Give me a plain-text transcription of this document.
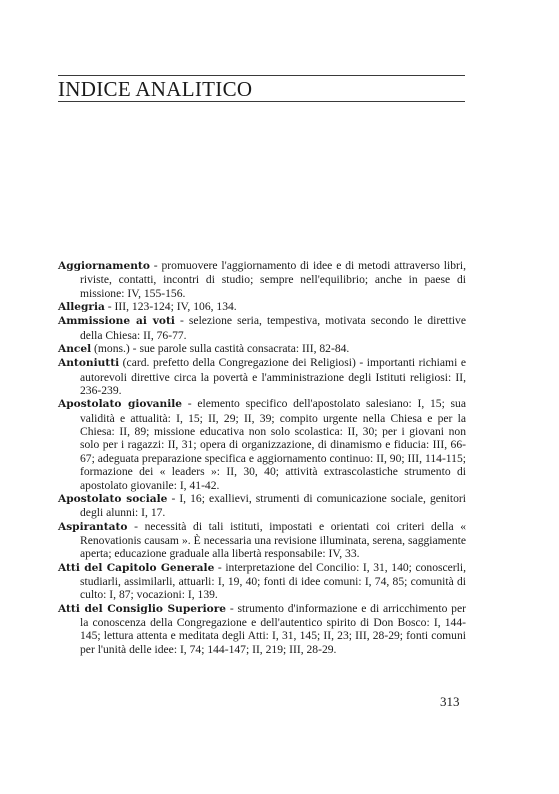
INDICE ANALITICO

Aggiornamento - promuovere l'aggiornamento di idee e di metodi attraverso libri, riviste, contatti, incontri di studio; sempre nell'equilibrio; anche in paese di missione: IV, 155-156.

Allegria - III, 123-124; IV, 106, 134.

Ammissione ai voti - selezione seria, tempestiva, motivata secondo le direttive della Chiesa: II, 76-77.

Ancel (mons.) - sue parole sulla castità consacrata: III, 82-84.

Antoniutti (card. prefetto della Congregazione dei Religiosi) - importanti richiami e autorevoli direttive circa la povertà e l'amministrazione degli Istituti religiosi: II, 236-239.

Apostolato giovanile - elemento specifico dell'apostolato salesiano: I, 15; sua validità e attualità: I, 15; II, 29; II, 39; compito urgente nella Chiesa e per la Chiesa: II, 89; missione educativa non solo scolastica: II, 30; per i giovani non solo per i ragazzi: II, 31; opera di organizzazione, di dinamismo e fiducia: III, 66-67; adeguata preparazione specifica e aggiornamento continuo: II, 90; III, 114-115; formazione dei « leaders »: II, 30, 40; attività extrascolastiche strumento di apostolato giovanile: I, 41-42.

Apostolato sociale - I, 16; exallievi, strumenti di comunicazione sociale, genitori degli alunni: I, 17.

Aspirantato - necessità di tali istituti, impostati e orientati coi criteri della « Renovationis causam ». È necessaria una revisione illuminata, serena, saggiamente aperta; educazione graduale alla libertà responsabile: IV, 33.

Atti del Capitolo Generale - interpretazione del Concilio: I, 31, 140; conoscerli, studiarli, assimilarli, attuarli: I, 19, 40; fonti di idee comuni: I, 74, 85; comunità di culto: I, 87; vocazioni: I, 139.

Atti del Consiglio Superiore - strumento d'informazione e di arricchimento per la conoscenza della Congregazione e dell'autentico spirito di Don Bosco: I, 144-145; lettura attenta e meditata degli Atti: I, 31, 145; II, 23; III, 28-29; fonti comuni per l'unità delle idee: I, 74; 144-147; II, 219; III, 28-29.

313
